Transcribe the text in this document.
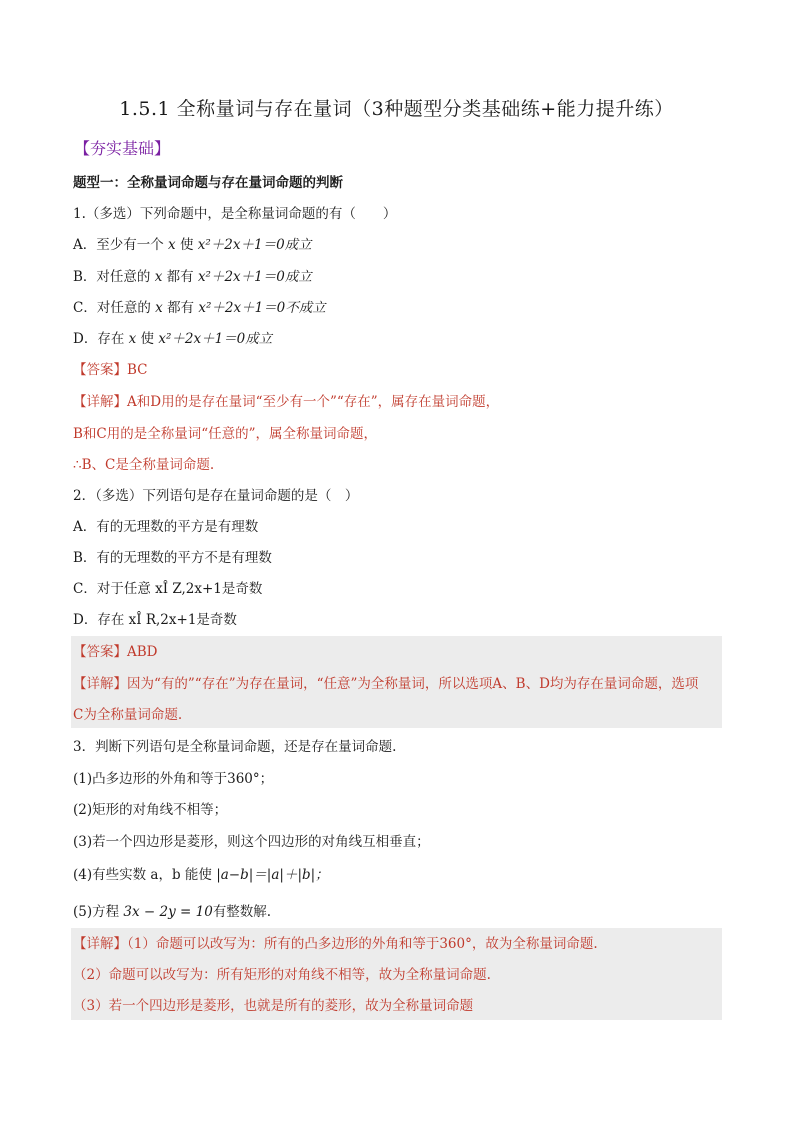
1.5.1 全称量词与存在量词（3种题型分类基础练+能力提升练）
【夯实基础】
题型一：全称量词命题与存在量词命题的判断
1.（多选）下列命题中，是全称量词命题的有（　　）
A．至少有一个 x 使 x²＋2x＋1＝0成立
B．对任意的 x 都有 x²＋2x＋1＝0成立
C．对任意的 x 都有 x²＋2x＋1＝0不成立
D．存在 x 使 x²＋2x＋1＝0成立
【答案】BC
【详解】A和D用的是存在量词“至少有一个”“存在”，属存在量词命题，
B和C用的是全称量词“任意的”，属全称量词命题，
∴B、C是全称量词命题.
2．（多选）下列语句是存在量词命题的是（　）
A．有的无理数的平方是有理数
B．有的无理数的平方不是有理数
C．对于任意 xÎ Z,2x+1是奇数
D．存在 xÎ R,2x+1是奇数
【答案】ABD
【详解】因为“有的”“存在”为存在量词，“任意”为全称量词，所以选项A、B、D均为存在量词命题，选项
C为全称量词命题.
3．判断下列语句是全称量词命题，还是存在量词命题.
(1)凸多边形的外角和等于360°；
(2)矩形的对角线不相等；
(3)若一个四边形是菱形，则这个四边形的对角线互相垂直；
(4)有些实数 a，b 能使 |a−b|＝|a|＋|b|；
(5)方程 3x − 2y = 10有整数解.
【详解】（1）命题可以改写为：所有的凸多边形的外角和等于360°，故为全称量词命题.
（2）命题可以改写为：所有矩形的对角线不相等，故为全称量词命题.
（3）若一个四边形是菱形，也就是所有的菱形，故为全称量词命题
